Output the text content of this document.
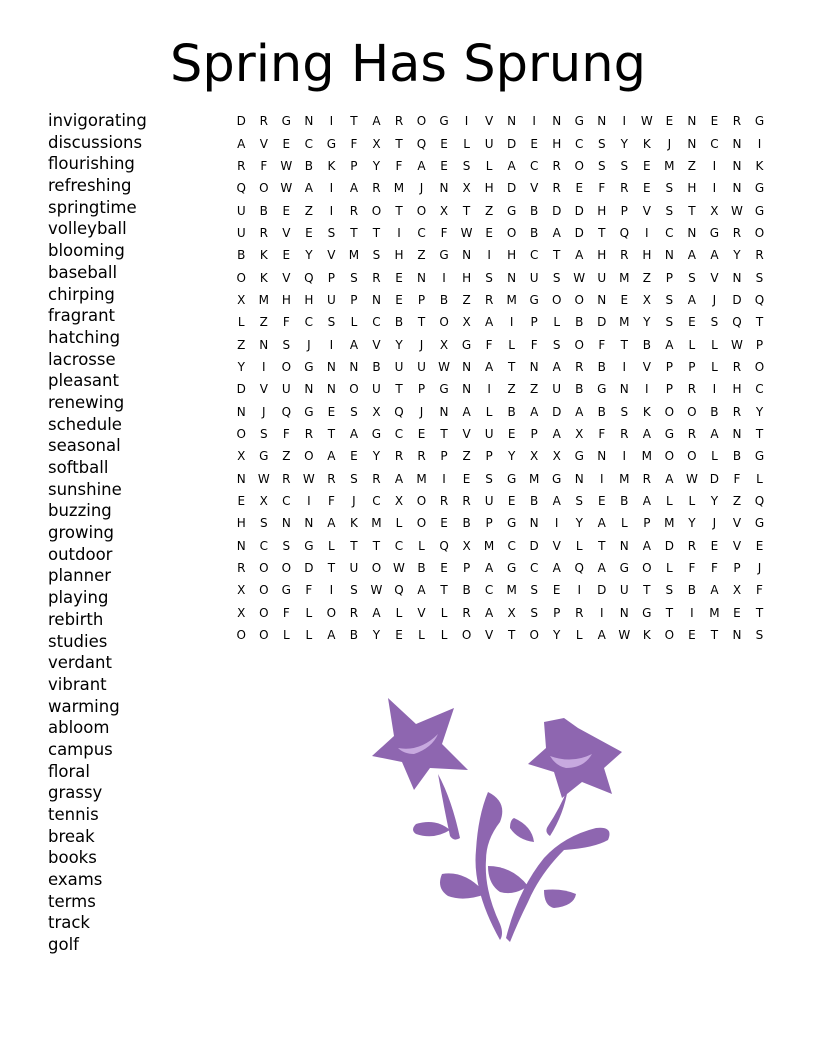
Spring Has Sprung
invigorating
discussions
flourishing
refreshing
springtime
volleyball
blooming
baseball
chirping
fragrant
hatching
lacrosse
pleasant
renewing
schedule
seasonal
softball
sunshine
buzzing
growing
outdoor
planner
playing
rebirth
studies
verdant
vibrant
warming
abloom
campus
floral
grassy
tennis
break
books
exams
terms
track
golf
D	R	G	N	I	T	A	R	O	G	I	V	N	I	N	G	N	I	W	E	N	E	R	G
A	V	E	C	G	F	X	T	Q	E	L	U	D	E	H	C	S	Y	K	J	N	C	N	I
R	F	W	B	K	P	Y	F	A	E	S	L	A	C	R	O	S	S	E	M	Z	I	N	K
Q	O W	A	I	A	R	M	J	N	X	H	D	V	R	E	F	R	E	S	H	I	N	G
U	B	E	Z	I	R	O	T	O	X	T	Z	G	B	D	D	H	P	V	S	T	X	W G
U	R	V	E	S	T	T	I	C	F	W	E	O	B	A	D	T	Q	I	C	N	G	R	O
B	K	E	Y	V	M	S	H	Z	G	N	I	H	C	T	A	H	R	H	N	A	A	Y	R
O	K	V	Q	P	S	R	E	N	I	H	S	N	U	S	W	U	M	Z	P	S	V	N	S
X	M	H	H	U	P	N	E	P	B	Z	R	M	G	O	O	N	E	X	S	A	J	D	Q
L	Z	F	C	S	L	C	B	T	O	X	A	I	P	L	B	D	M	Y	S	E	S	Q	T
Z	N	S	J	I	A	V	Y	J	X	G	F	L	F	S	O	F	T	B	A	L	L	W	P
Y	I	O	G	N	N	B	U	U	W	N	A	T	N	A	R	B	I	V	P	P	L	R	O
D	V	U	N	N	O	U	T	P	G	N	I	Z	Z	U	B	G	N	I	P	R	I	H	C
N	J	Q	G	E	S	X	Q	J	N	A	L	B	A	D	A	B	S	K	O	O	B	R	Y
O	S	F	R	T	A	G	C	E	T	V	U	E	P	A	X	F	R	A	G	R	A	N	T
X	G	Z	O	A	E	Y	R	R	P	Z	P	Y	X	X	G	N	I	M	O	O	L	B	G
N	W	R	W	R	S	R	A	M	I	E	S	G	M	G	N	I	M	R	A	W D	F	L
E	X	C	I	F	J	C	X	O	R	R	U	E	B	A	S	E	B	A	L	L	Y	Z	Q
H	S	N	N	A	K	M	L	O	E	B	P	G	N	I	Y	A	L	P	M	Y	J	V	G
N	C	S	G	L	T	T	C	L	Q	X	M	C	D	V	L	T	N	A	D	R	E	V	E
R	O	O	D	T	U	O W	B	E	P	A	G	C	A	Q	A	G	O	L	F	F	P	J
X	O	G	F	I	S	W Q	A	T	B	C	M	S	E	I	D	U	T	S	B	A	X	F
X	O	F	L	O	R	A	L	V	L	R	A	X	S	P	R	I	N	G	T	I	M	E	T
O	O	L	L	A	B	Y	E	L	L	O	V	T	O	Y	L	A	W	K	O	E	T	N	S
